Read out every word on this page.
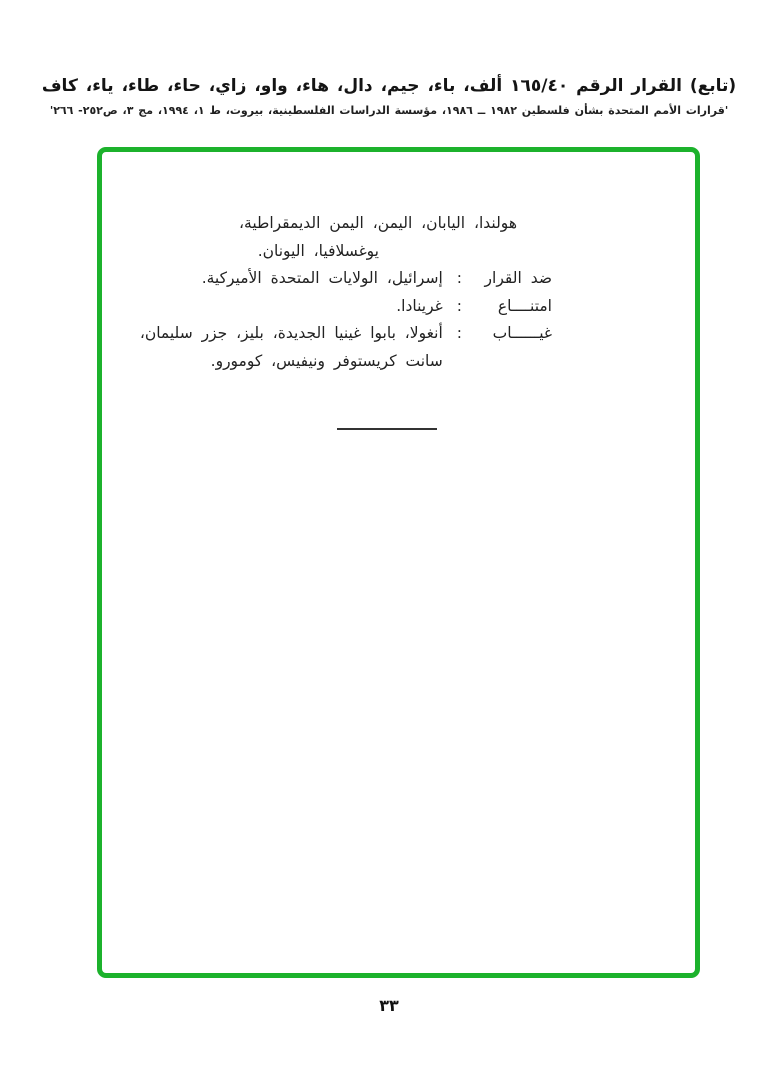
(تابع) القرار الرقم ١٦٥/٤٠ ألف، باء، جيم، دال، هاء، واو، زاي، حاء، طاء، ياء، كاف
'قرارات الأمم المتحدة بشأن فلسطين ١٩٨٢ ــ ١٩٨٦، مؤسسة الدراسات الفلسطينية، بيروت، ط ١، ١٩٩٤، مج ٣، ص٢٥٢- ٢٦٦'
هولندا، اليابان، اليمن، اليمن الديمقراطية،
يوغسلافيا، اليونان.
ضد القرار
:
إسرائيل، الولايات المتحدة الأميركية.
امتنــــاع
:
غرينادا.
غيــــــاب
:
أنغولا، بابوا غينيا الجديدة، بليز، جزر سليمان،
سانت كريستوفر ونيفيس، كومورو.
٣٣
